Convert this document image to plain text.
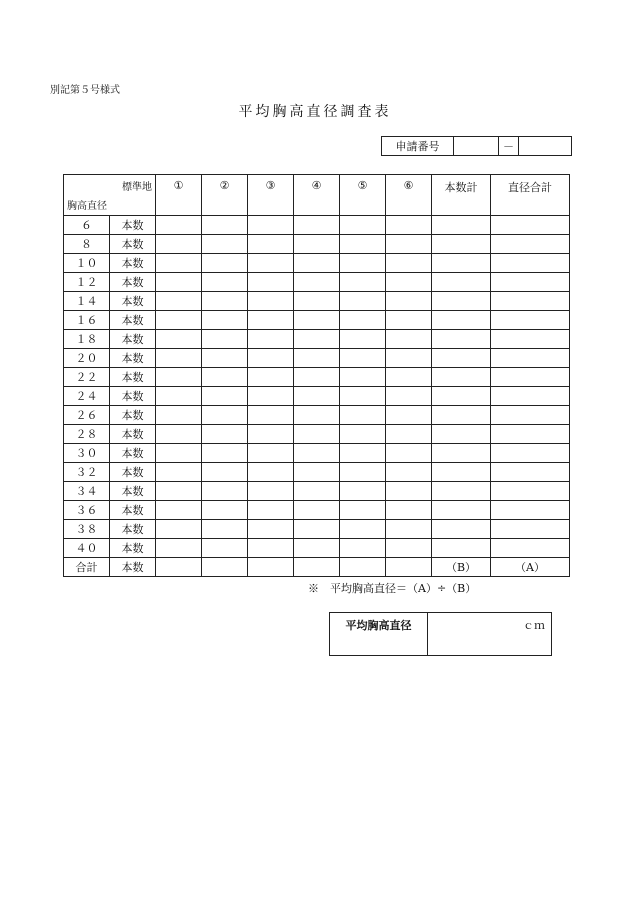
別記第５号様式
平均胸高直径調査表
申請番号		－	
標準地
胸高直径		①	②	③	④	⑤	⑥	本数計	直径合計
６	本数								
８	本数								
１０	本数								
１２	本数								
１４	本数								
１６	本数								
１８	本数								
２０	本数								
２２	本数								
２４	本数								
２６	本数								
２８	本数								
３０	本数								
３２	本数								
３４	本数								
３６	本数								
３８	本数								
４０	本数								
合計	本数							（B）	（A）
※　平均胸高直径＝（A）÷（B）
平均胸高直径	ｃｍ
